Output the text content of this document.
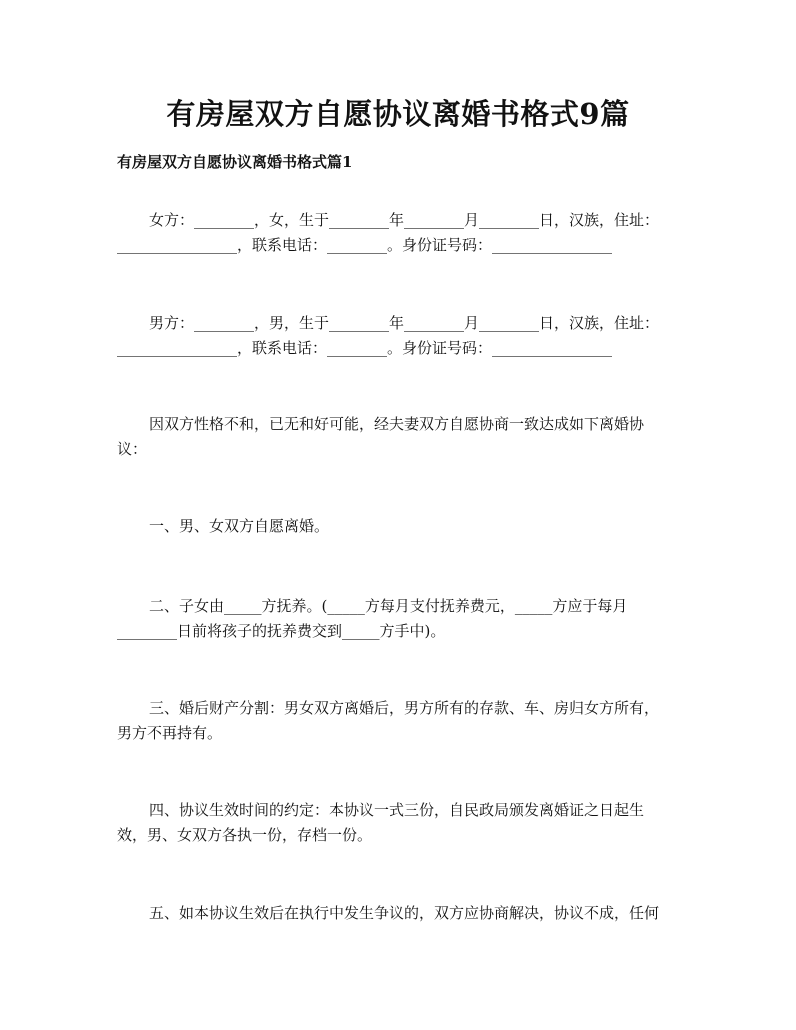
有房屋双方自愿协议离婚书格式9篇
有房屋双方自愿协议离婚书格式篇1

女方：________，女，生于________年________月________日，汉族，住址：
________________，联系电话：________。身份证号码：________________

男方：________，男，生于________年________月________日，汉族，住址：
________________，联系电话：________。身份证号码：________________

因双方性格不和，已无和好可能，经夫妻双方自愿协商一致达成如下离婚协
议：

一、男、女双方自愿离婚。

二、子女由_____方抚养。(_____方每月支付抚养费元，_____方应于每月
________日前将孩子的抚养费交到_____方手中)。

三、婚后财产分割：男女双方离婚后，男方所有的存款、车、房归女方所有，
男方不再持有。

四、协议生效时间的约定：本协议一式三份，自民政局颁发离婚证之日起生
效，男、女双方各执一份，存档一份。

五、如本协议生效后在执行中发生争议的，双方应协商解决，协议不成，任何
